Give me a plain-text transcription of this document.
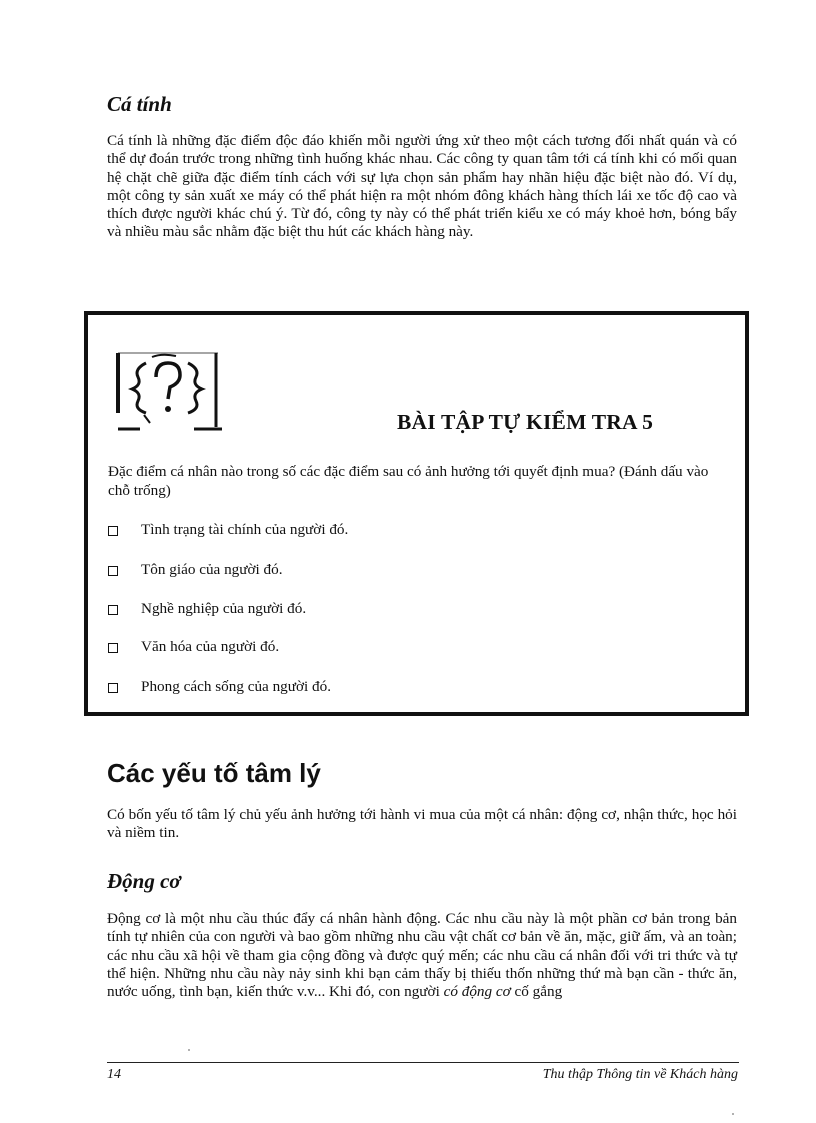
Cá tính

Cá tính là những đặc điểm độc đáo khiến mỗi người ứng xử theo một cách tương đối nhất quán và có thể dự đoán trước trong những tình huống khác nhau. Các công ty quan tâm tới cá tính khi có mối quan hệ chặt chẽ giữa đặc điểm tính cách với sự lựa chọn sản phẩm hay nhãn hiệu đặc biệt nào đó. Ví dụ, một công ty sản xuất xe máy có thể phát hiện ra một nhóm đông khách hàng thích lái xe tốc độ cao và thích được người khác chú ý. Từ đó, công ty này có thể phát triển kiểu xe có máy khoẻ hơn, bóng bẩy và nhiều màu sắc nhằm đặc biệt thu hút các khách hàng này.

BÀI TẬP TỰ KIỂM TRA 5

Đặc điểm cá nhân nào trong số các đặc điểm sau có ảnh hưởng tới quyết định mua? (Đánh dấu vào chỗ trống)

Tình trạng tài chính của người đó.
Tôn giáo của người đó.
Nghề nghiệp của người đó.
Văn hóa của người đó.
Phong cách sống của người đó.
Các yếu tố tâm lý

Có bốn yếu tố tâm lý chủ yếu ảnh hưởng tới hành vi mua của một cá nhân: động cơ, nhận thức, học hỏi và niềm tin.

Động cơ

Động cơ là một nhu cầu thúc đẩy cá nhân hành động. Các nhu cầu này là một phần cơ bản trong bản tính tự nhiên của con người và bao gồm những nhu cầu vật chất cơ bản về ăn, mặc, giữ ấm, và an toàn; các nhu cầu xã hội về tham gia cộng đồng và được quý mến; các nhu cầu cá nhân đối với tri thức và tự thể hiện. Những nhu cầu này nảy sinh khi bạn cảm thấy bị thiếu thốn những thứ mà bạn cần - thức ăn, nước uống, tình bạn, kiến thức v.v... Khi đó, con người có động cơ cố gắng

14	Thu thập Thông tin về Khách hàng
